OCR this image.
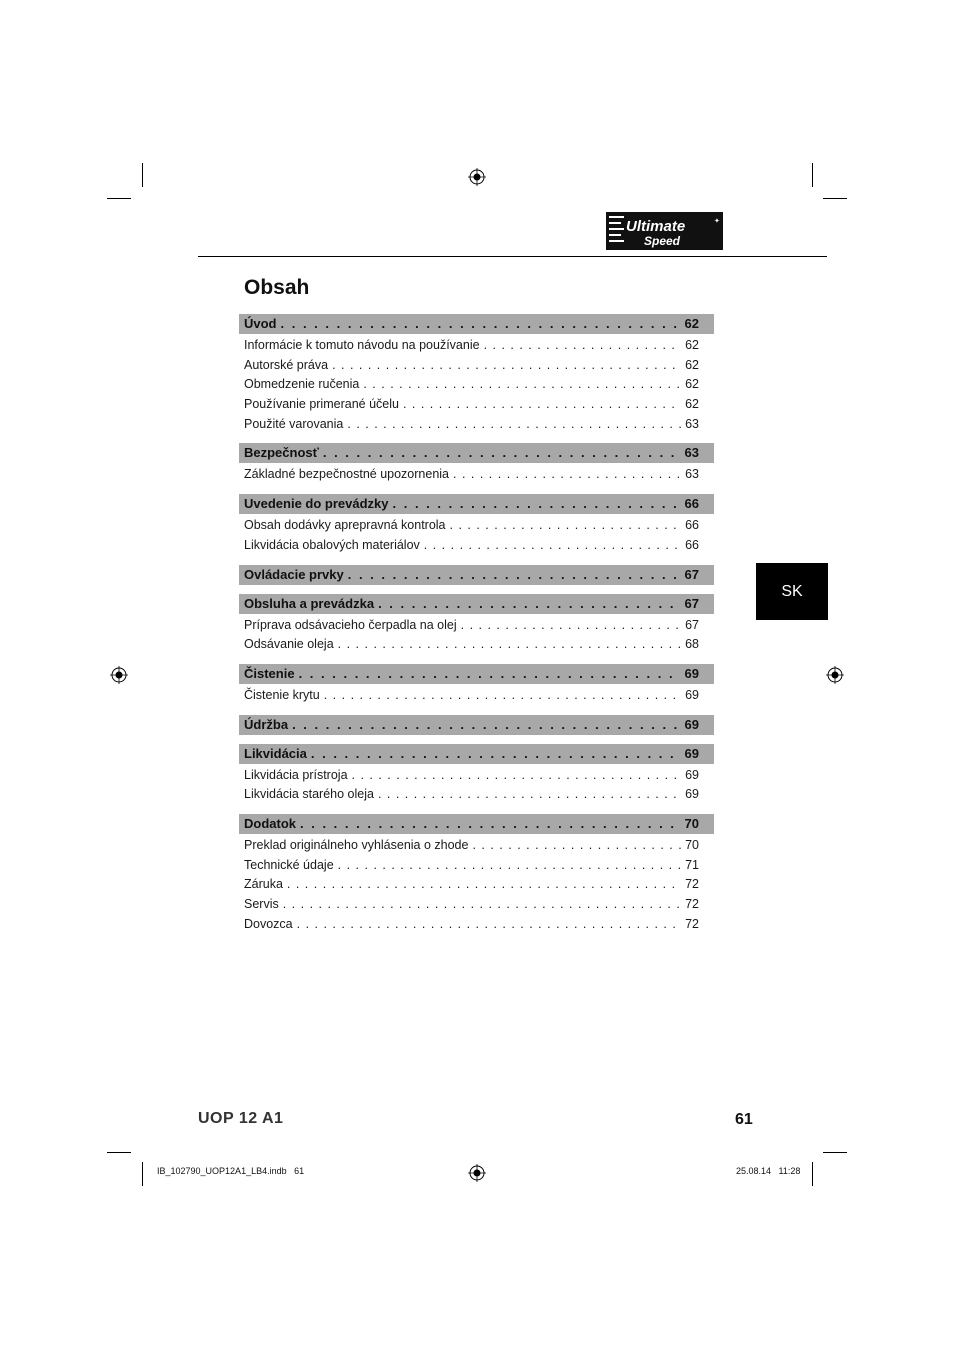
Ultimate
Speed
✦
Obsah
Úvod . . .	62
Informácie k tomuto návodu na používanie . . .	62
Autorské práva . . .	62
Obmedzenie ručenia . . .	62
Používanie primerané účelu . . .	62
Použité varovania . . .	63
Bezpečnosť . . .	63
Základné bezpečnostné upozornenia . . .	63
Uvedenie do prevádzky . . .	66
Obsah dodávky aprepravná kontrola . . .	66
Likvidácia obalových materiálov . . .	66
Ovládacie prvky . . .	67
Obsluha a prevádzka . . .	67
Príprava odsávacieho čerpadla na olej . . .	67
Odsávanie oleja . . .	68
Čistenie . . .	69
Čistenie krytu . . .	69
Údržba . . .	69
Likvidácia . . .	69
Likvidácia prístroja . . .	69
Likvidácia starého oleja . . .	69
Dodatok . . .	70
Preklad originálneho vyhlásenia o zhode . . .	70
Technické údaje . . .	71
Záruka . . .	72
Servis . . .	72
Dovozca . . .	72
SK
UOP 12 A1	61
IB_102790_UOP12A1_LB4.indb   61	25.08.14   11:28
